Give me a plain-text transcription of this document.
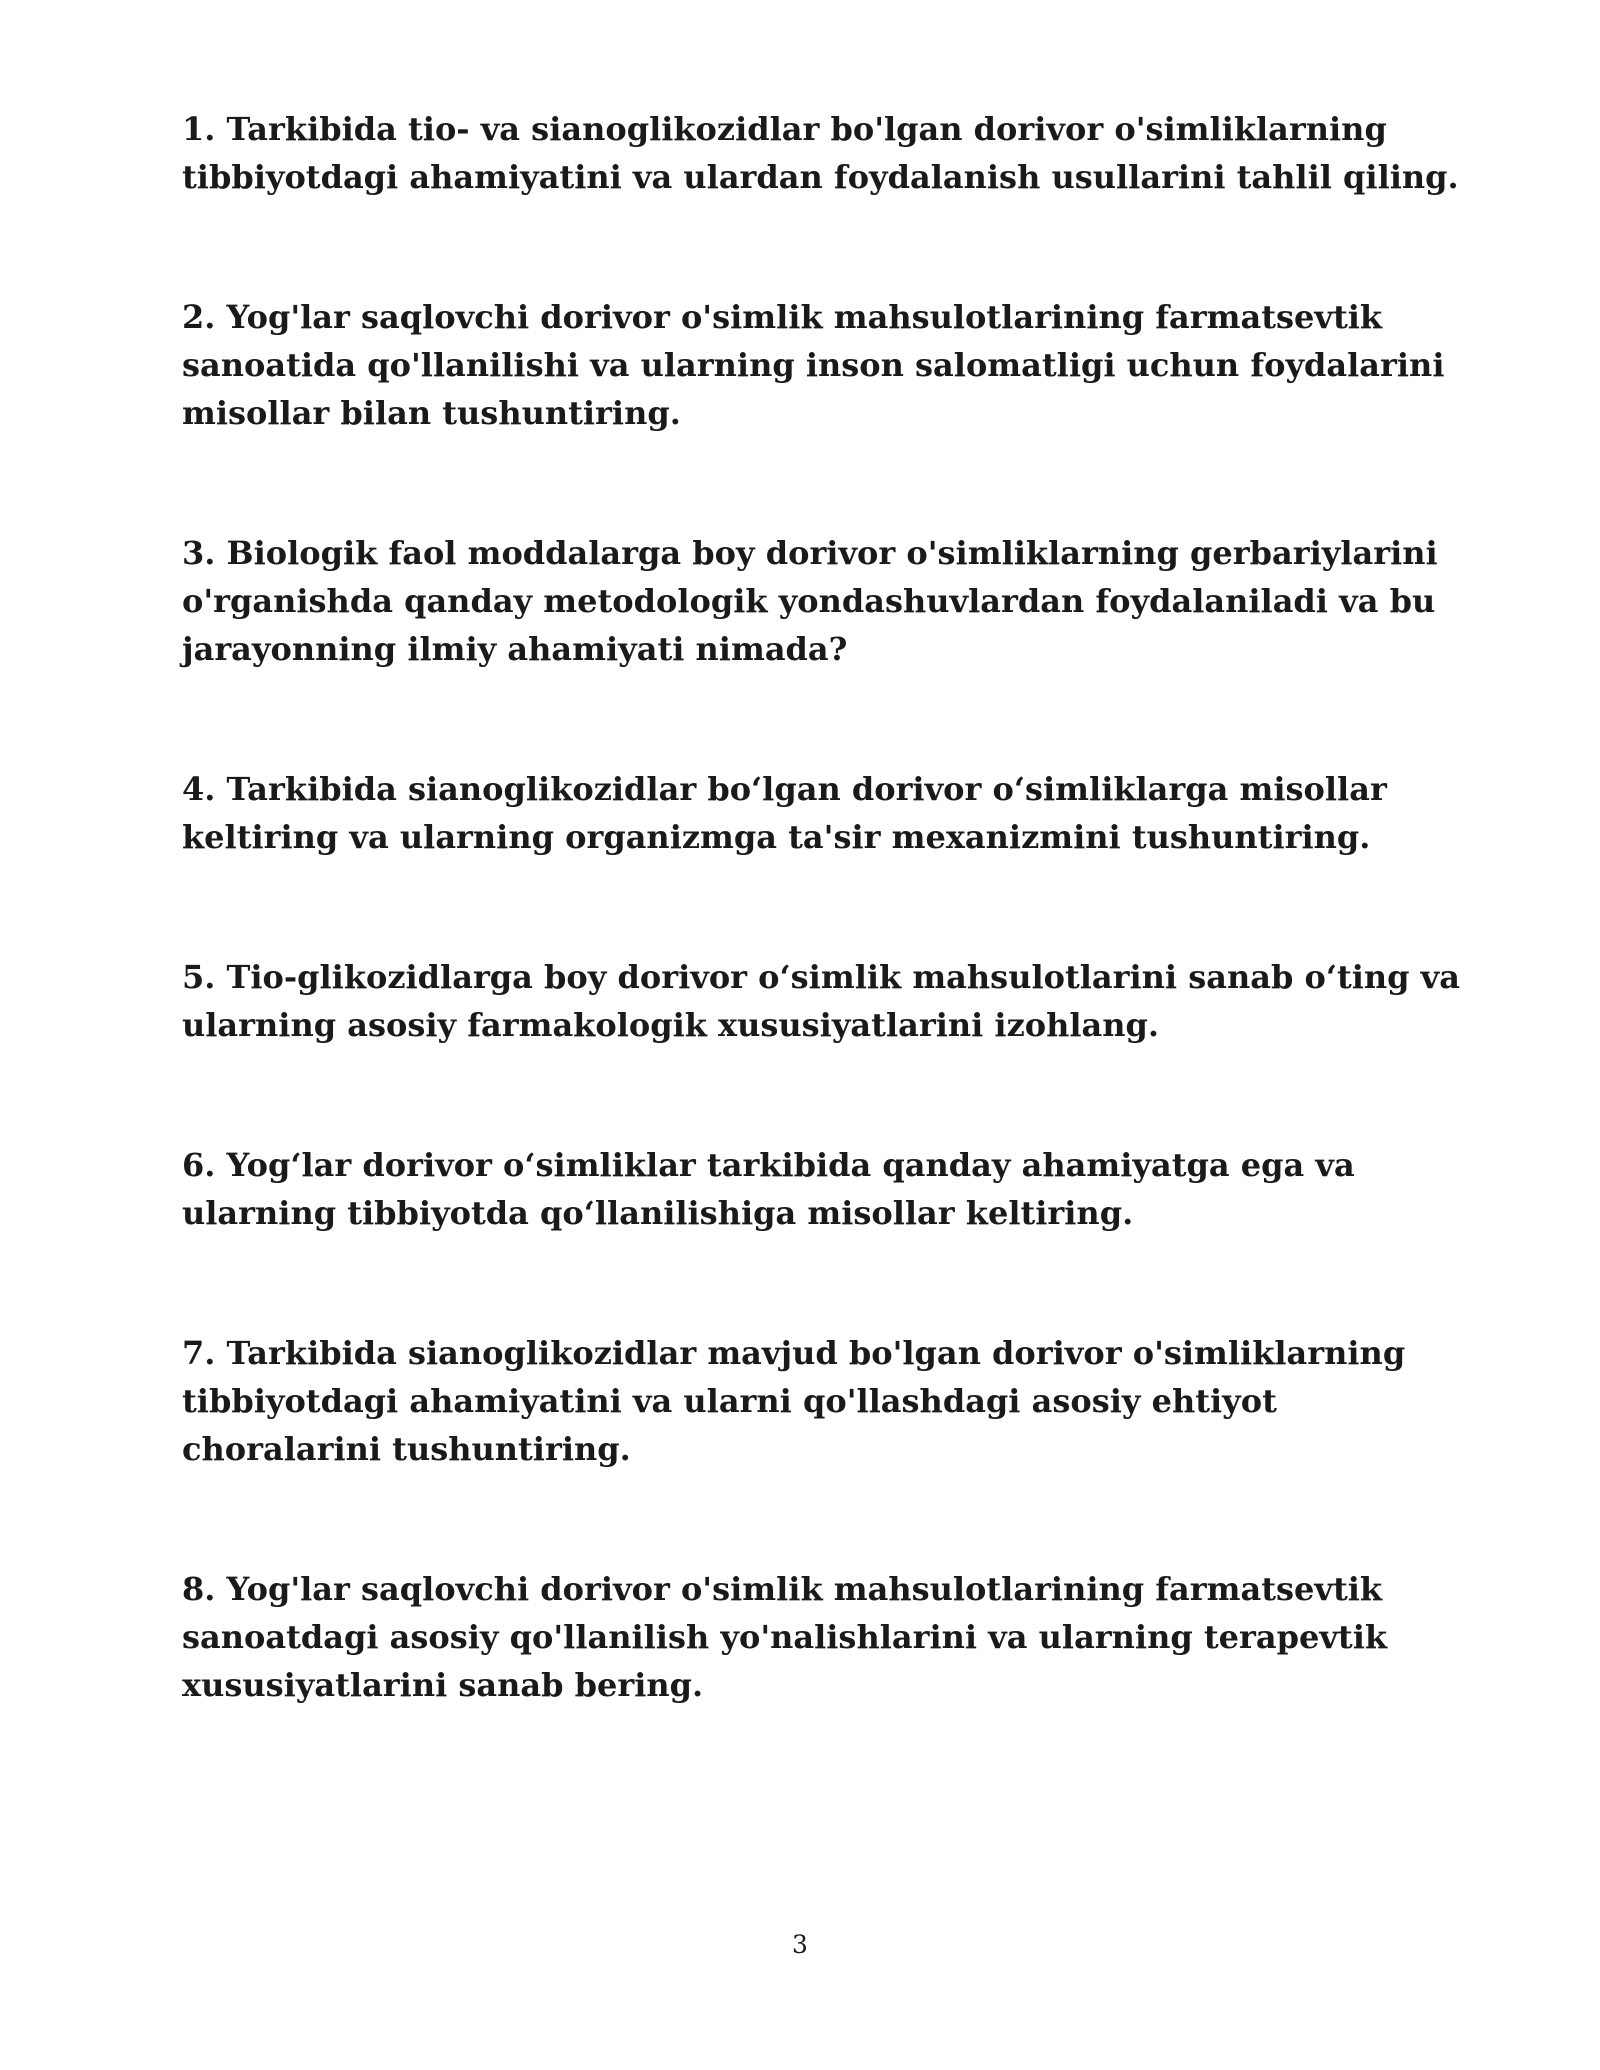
1. Tarkibida tio- va sianoglikozidlar bo'lgan dorivor o'simliklarning tibbiyotdagi ahamiyatini va ulardan foydalanish usullarini tahlil qiling.
2. Yog'lar saqlovchi dorivor o'simlik mahsulotlarining farmatsevtik sanoatida qo'llanilishi va ularning inson salomatligi uchun foydalarini misollar bilan tushuntiring.
3. Biologik faol moddalarga boy dorivor o'simliklarning gerbariylarini o'rganishda qanday metodologik yondashuvlardan foydalaniladi va bu jarayonning ilmiy ahamiyati nimada?
4. Tarkibida sianoglikozidlar bo‘lgan dorivor o‘simliklarga misollar keltiring va ularning organizmga ta'sir mexanizmini tushuntiring.
5. Tio-glikozidlarga boy dorivor o‘simlik mahsulotlarini sanab o‘ting va ularning asosiy farmakologik xususiyatlarini izohlang.
6. Yog‘lar dorivor o‘simliklar tarkibida qanday ahamiyatga ega va ularning tibbiyotda qo‘llanilishiga misollar keltiring.
7. Tarkibida sianoglikozidlar mavjud bo'lgan dorivor o'simliklarning tibbiyotdagi ahamiyatini va ularni qo'llashdagi asosiy ehtiyot choralarini tushuntiring.
8. Yog'lar saqlovchi dorivor o'simlik mahsulotlarining farmatsevtik sanoatdagi asosiy qo'llanilish yo'nalishlarini va ularning terapevtik xususiyatlarini sanab bering.
3
